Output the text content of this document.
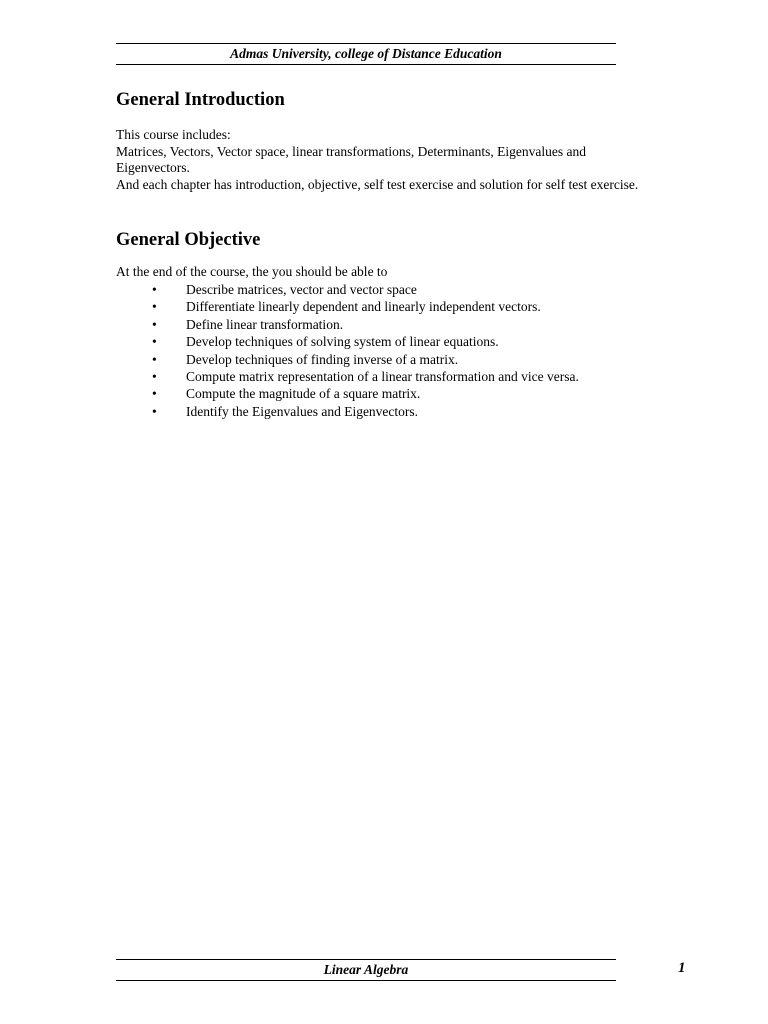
Admas University, college of Distance Education
General Introduction

This course includes:

Matrices, Vectors, Vector space, linear transformations, Determinants, Eigenvalues and Eigenvectors.

And each chapter has introduction, objective, self test exercise and solution for self test exercise.

General Objective
At the end of the course, the you should be able to
• Describe matrices, vector and vector space
• Differentiate linearly dependent and linearly independent vectors.
• Define linear transformation.
• Develop techniques of solving system of linear equations.
• Develop techniques of finding inverse of a matrix.
• Compute matrix representation of a linear transformation and vice versa.
• Compute the magnitude of a square matrix.
• Identify the Eigenvalues and Eigenvectors.
Linear Algebra	1
